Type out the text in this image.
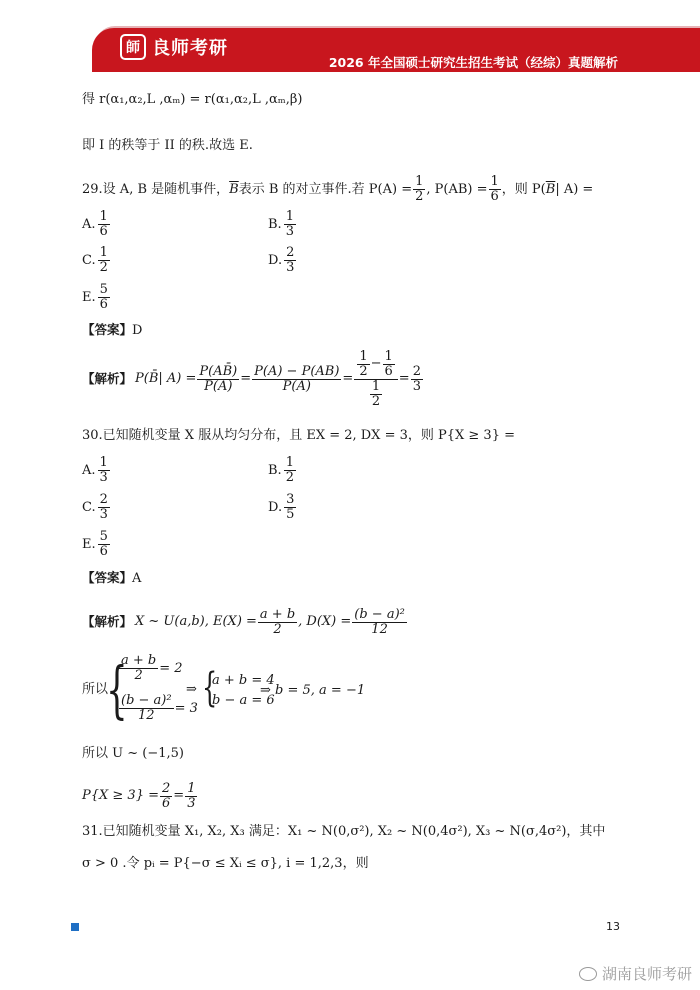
師 良师考研
2026 年全国硕士研究生招生考试（经综）真题解析
得 r(α₁,α₂,L ,αₘ) = r(α₁,α₂,L ,αₘ,β)
即 I 的秩等于 II 的秩.故选 E.
29.设 A, B 是随机事件， $\overline{B}$ 表示 B 的对立事件.若 $P(A) = \frac{1}{2}$ , $P(AB) = \frac{1}{6}$ ，则 P( $\overline{B}$ | A) =
A. $\frac{1}{6}$	B. $\frac{1}{3}$
C. $\frac{1}{2}$	D. $\frac{2}{3}$
E. $\frac{5}{6}$
【答案】D
【解析】 P(B̄| $A) = \frac{P(AB̄)}{P(A)} = \frac{P(A) - P(AB)}{P(A)} = \frac{\frac{1}{2} - \frac{1}{6}}{\frac{1}{2}} = \frac{2}{3}$
30.已知随机变量 X 服从均匀分布，且 EX = 2, DX = 3，则 P{X ≥ 3} =
A. $\frac{1}{3}$	B. $\frac{1}{2}$
C. $\frac{2}{3}$	D. $\frac{3}{5}$
E. $\frac{5}{6}$
【答案】A
【解析】 X ~ U(a,b), $E(X) = \frac{a + b}{2}$ , $D(X) = \frac{\text{(b − a)²}}{12}$
所以
{
$\frac{a + b}{2} = 2$
$\frac{\text{(b − a)²}}{12} = 3$
⇒ {
a + b = 4
b − a = 6
⇒ b = 5, a = −1
所以 U ~ (−1,5)
$P\{X \ge 3\} = \frac{2}{6} = \frac{1}{3}$
31.已知随机变量 X₁, X₂, X₃ 满足：X₁ ~ N(0,σ²), X₂ ~ N(0,4σ²), X₃ ~ N(σ,4σ²)，其中
σ > 0 .令 pᵢ = P{−σ ≤ Xᵢ ≤ σ}, i = 1,2,3，则
13
湖南良师考研
